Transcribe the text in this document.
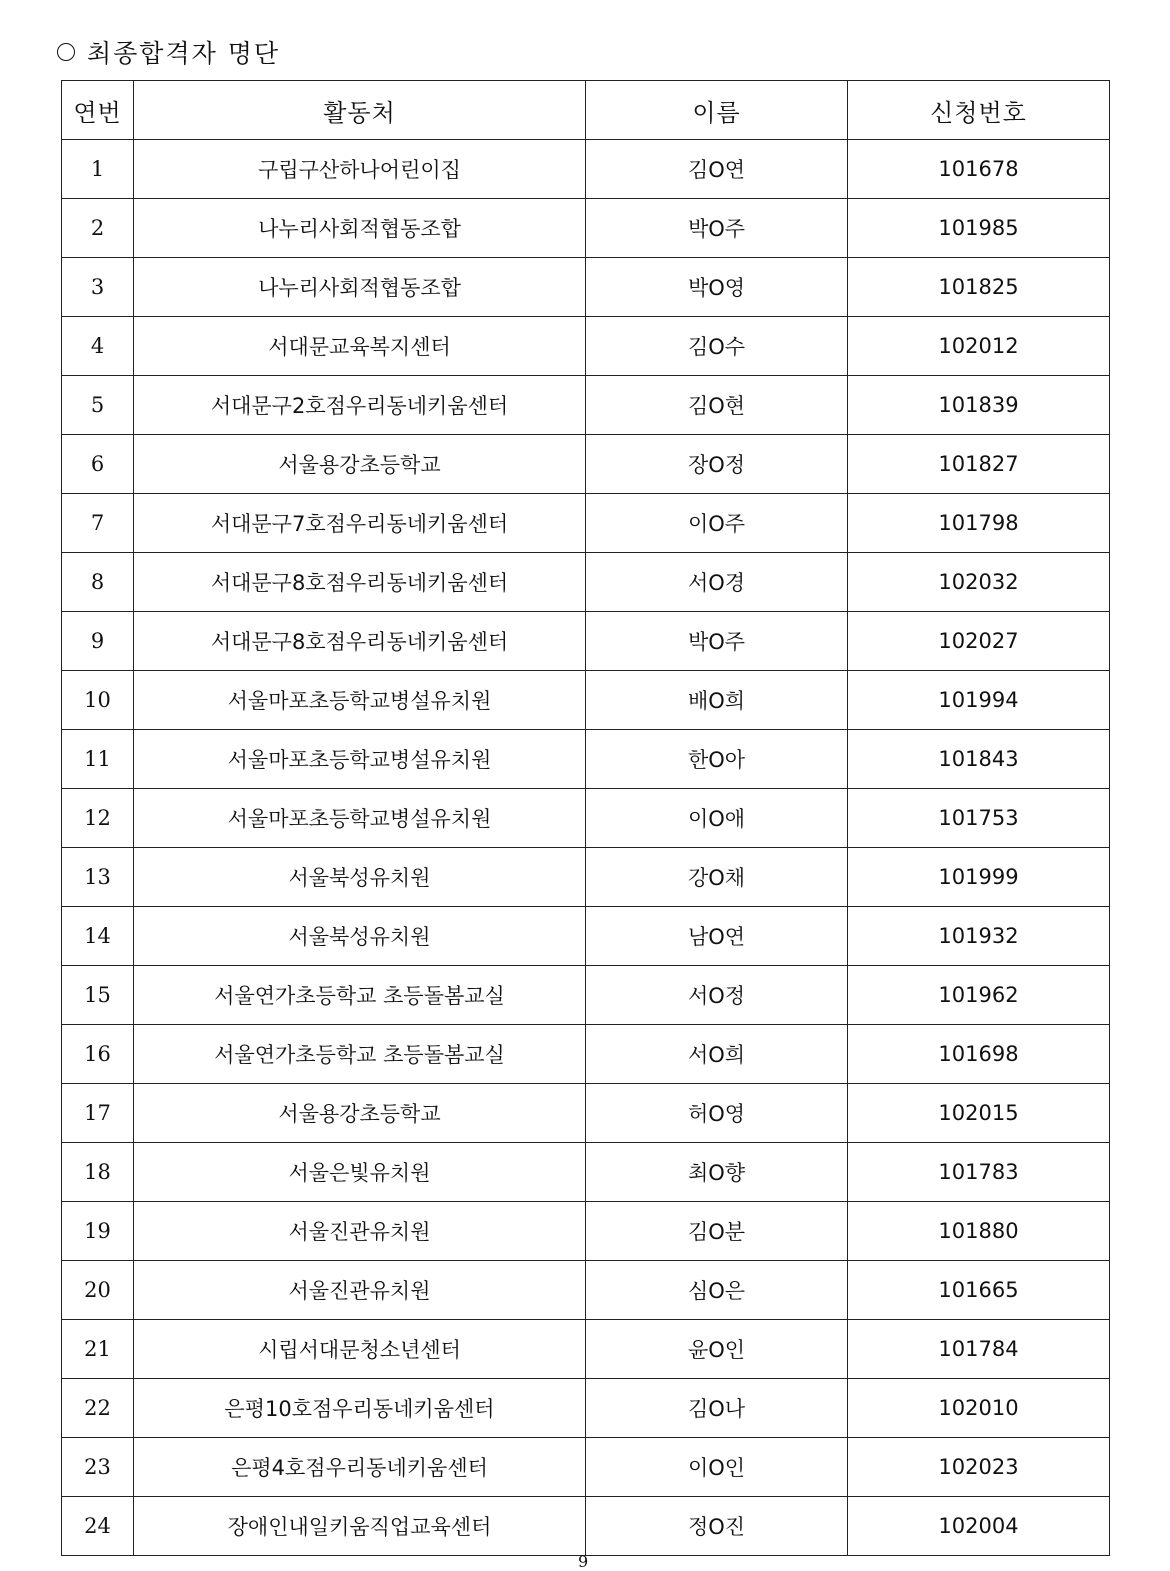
최종합격자 명단
연번	활동처	이름	신청번호
1	구립구산하나어린이집	김O연	101678
2	나누리사회적협동조합	박O주	101985
3	나누리사회적협동조합	박O영	101825
4	서대문교육복지센터	김O수	102012
5	서대문구2호점우리동네키움센터	김O현	101839
6	서울용강초등학교	장O정	101827
7	서대문구7호점우리동네키움센터	이O주	101798
8	서대문구8호점우리동네키움센터	서O경	102032
9	서대문구8호점우리동네키움센터	박O주	102027
10	서울마포초등학교병설유치원	배O희	101994
11	서울마포초등학교병설유치원	한O아	101843
12	서울마포초등학교병설유치원	이O애	101753
13	서울북성유치원	강O채	101999
14	서울북성유치원	남O연	101932
15	서울연가초등학교 초등돌봄교실	서O정	101962
16	서울연가초등학교 초등돌봄교실	서O희	101698
17	서울용강초등학교	허O영	102015
18	서울은빛유치원	최O향	101783
19	서울진관유치원	김O분	101880
20	서울진관유치원	심O은	101665
21	시립서대문청소년센터	윤O인	101784
22	은평10호점우리동네키움센터	김O나	102010
23	은평4호점우리동네키움센터	이O인	102023
24	장애인내일키움직업교육센터	정O진	102004
9
